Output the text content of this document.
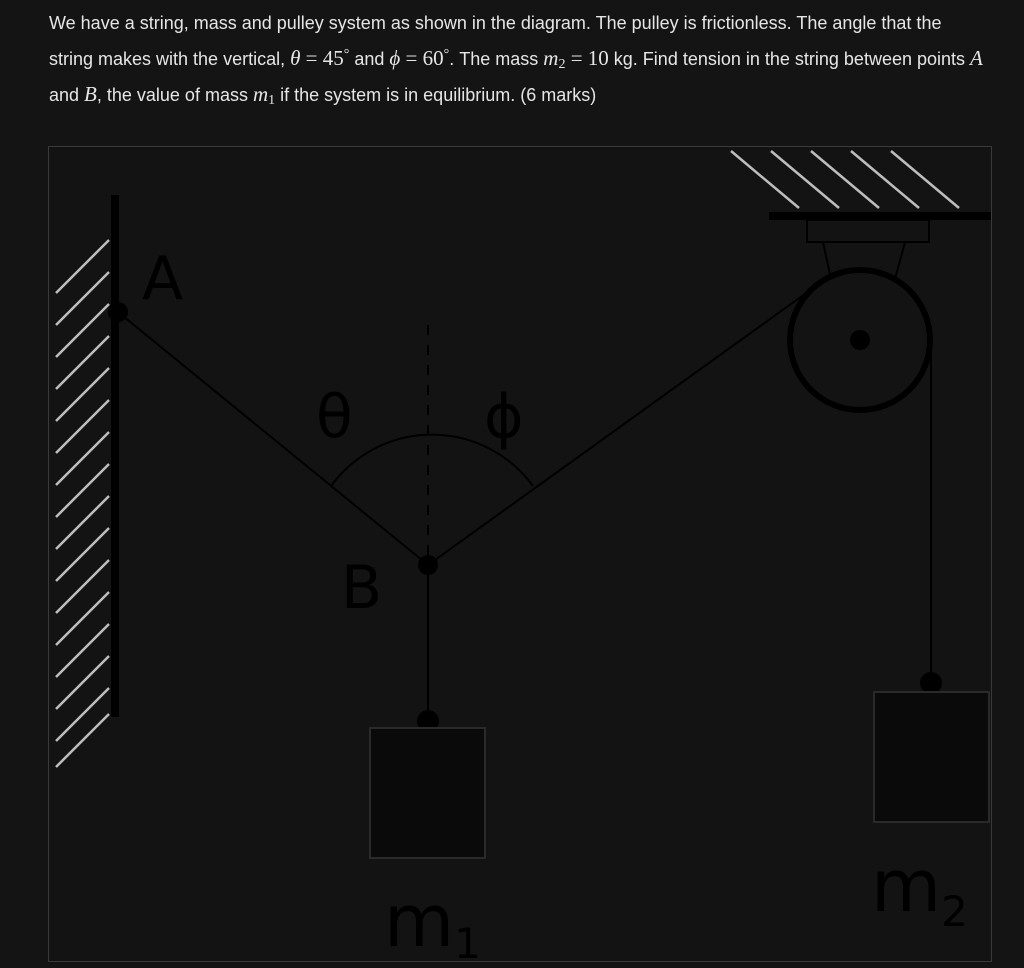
We have a string, mass and pulley system as shown in the diagram. The pulley is frictionless. The angle that the string makes with the vertical, θ = 45° and ϕ = 60°. The mass $m_2 = 10$ kg. Find tension in the string between points A and B, the value of mass $m_1$ if the system is in equilibrium. (6 marks)
A
B
θ ϕ
m1
$m_2$
